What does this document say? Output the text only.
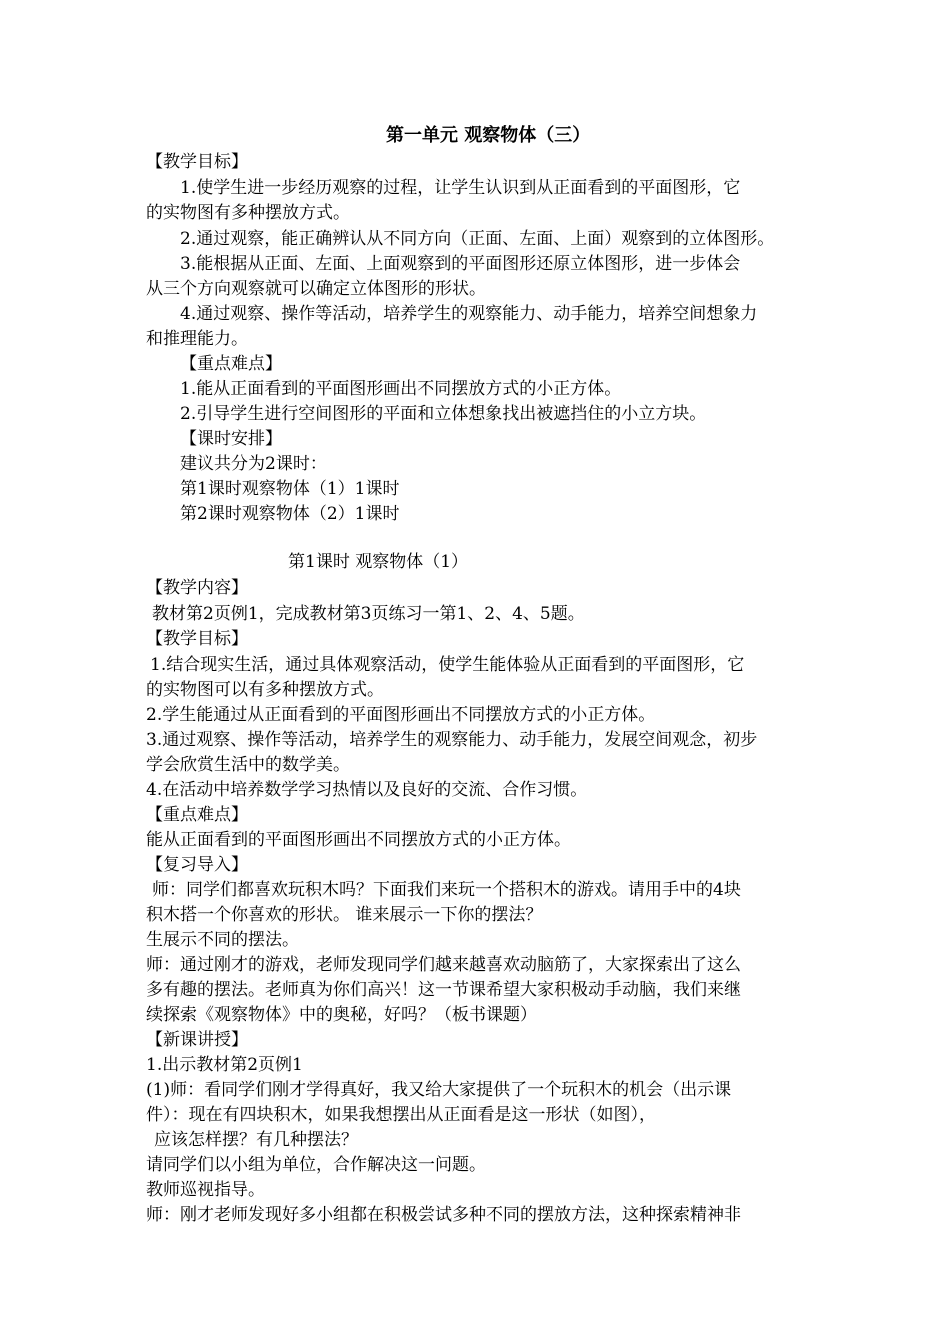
第一单元 观察物体（三）
【教学目标】
1.使学生进一步经历观察的过程，让学生认识到从正面看到的平面图形，它
的实物图有多种摆放方式。
2.通过观察，能正确辨认从不同方向（正面、左面、上面）观察到的立体图形。
3.能根据从正面、左面、上面观察到的平面图形还原立体图形，进一步体会
从三个方向观察就可以确定立体图形的形状。
4.通过观察、操作等活动，培养学生的观察能力、动手能力，培养空间想象力
和推理能力。
【重点难点】
1.能从正面看到的平面图形画出不同摆放方式的小正方体。
2.引导学生进行空间图形的平面和立体想象找出被遮挡住的小立方块。
【课时安排】
建议共分为2课时：
第1课时观察物体（1）1课时
第2课时观察物体（2）1课时
第1课时 观察物体（1）
【教学内容】
教材第2页例1，完成教材第3页练习一第1、2、4、5题。
【教学目标】
1.结合现实生活，通过具体观察活动，使学生能体验从正面看到的平面图形，它
的实物图可以有多种摆放方式。
2.学生能通过从正面看到的平面图形画出不同摆放方式的小正方体。
3.通过观察、操作等活动，培养学生的观察能力、动手能力，发展空间观念，初步
学会欣赏生活中的数学美。
4.在活动中培养数学学习热情以及良好的交流、合作习惯。
【重点难点】
能从正面看到的平面图形画出不同摆放方式的小正方体。
【复习导入】
师：同学们都喜欢玩积木吗？下面我们来玩一个搭积木的游戏。请用手中的4块
积木搭一个你喜欢的形状。 谁来展示一下你的摆法？
生展示不同的摆法。
师：通过刚才的游戏，老师发现同学们越来越喜欢动脑筋了，大家探索出了这么
多有趣的摆法。老师真为你们高兴！这一节课希望大家积极动手动脑，我们来继
续探索《观察物体》中的奥秘，好吗？（板书课题）
【新课讲授】
1.出示教材第2页例1
(1)师：看同学们刚才学得真好，我又给大家提供了一个玩积木的机会（出示课
件）：现在有四块积木，如果我想摆出从正面看是这一形状（如图），
应该怎样摆？有几种摆法？
请同学们以小组为单位，合作解决这一问题。
教师巡视指导。
师：刚才老师发现好多小组都在积极尝试多种不同的摆放方法，这种探索精神非
